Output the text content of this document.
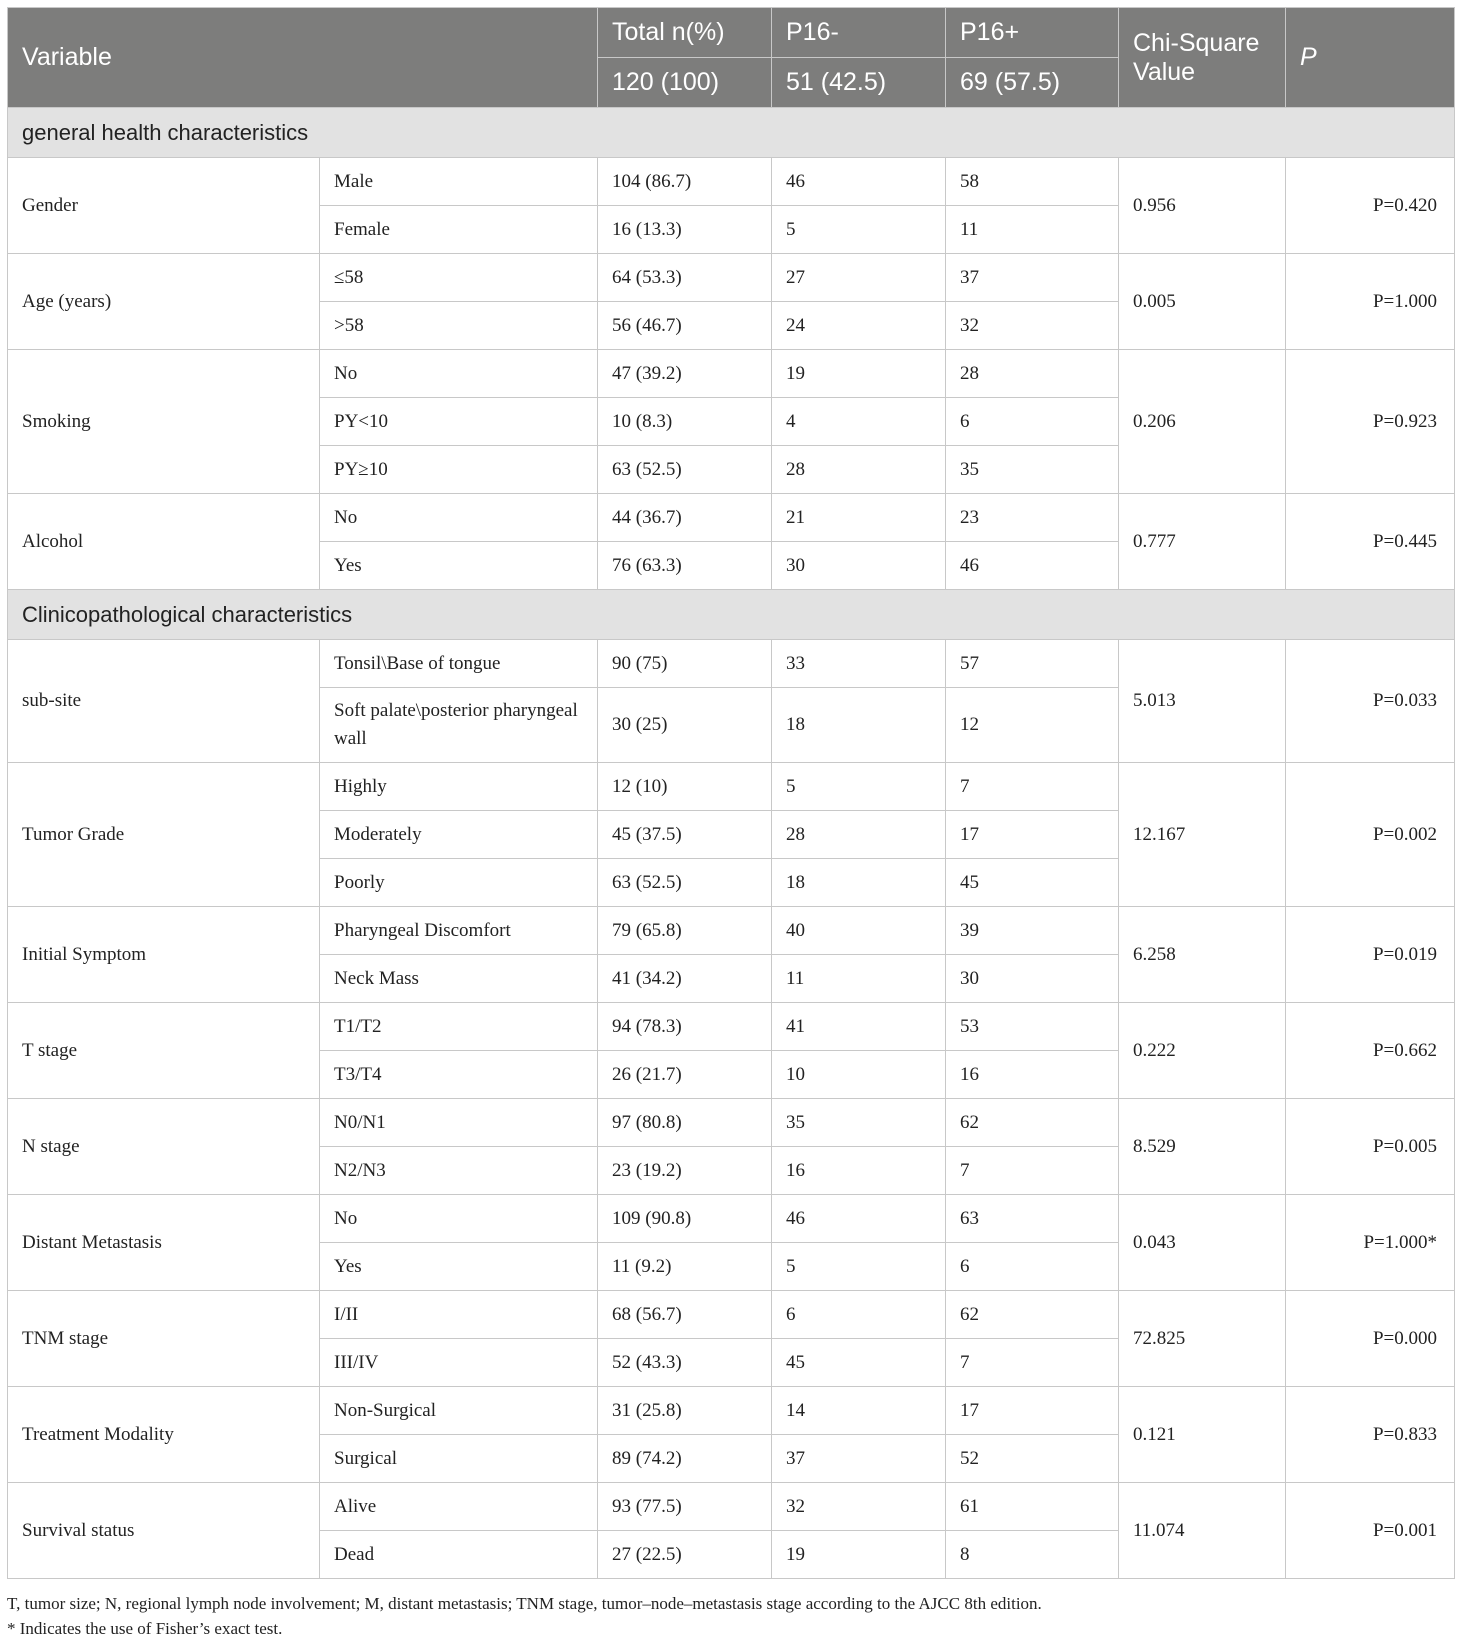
Variable		Total n(%)	P16-	P16+	Chi-Square Value	P
		120 (100)	51 (42.5)	69 (57.5)		
general health characteristics						
Gender	Male	104 (86.7)	46	58	0.956	P=0.420
	Female	16 (13.3)	5	11		
Age (years)	≤58	64 (53.3)	27	37	0.005	P=1.000
	>58	56 (46.7)	24	32		
Smoking	No	47 (39.2)	19	28	0.206	P=0.923
	PY<10	10 (8.3)	4	6		
	PY≥10	63 (52.5)	28	35		
Alcohol	No	44 (36.7)	21	23	0.777	P=0.445
	Yes	76 (63.3)	30	46		
Clinicopathological characteristics						
sub-site	Tonsil\Base of tongue	90 (75)	33	57	5.013	P=0.033
	Soft palate\posterior pharyngeal wall	30 (25)	18	12		
Tumor Grade	Highly	12 (10)	5	7	12.167	P=0.002
	Moderately	45 (37.5)	28	17		
	Poorly	63 (52.5)	18	45		
Initial Symptom	Pharyngeal Discomfort	79 (65.8)	40	39	6.258	P=0.019
	Neck Mass	41 (34.2)	11	30		
T stage	T1/T2	94 (78.3)	41	53	0.222	P=0.662
	T3/T4	26 (21.7)	10	16		
N stage	N0/N1	97 (80.8)	35	62	8.529	P=0.005
	N2/N3	23 (19.2)	16	7		
Distant Metastasis	No	109 (90.8)	46	63	0.043	P=1.000*
	Yes	11 (9.2)	5	6		
TNM stage	I/II	68 (56.7)	6	62	72.825	P=0.000
	III/IV	52 (43.3)	45	7		
Treatment Modality	Non-Surgical	31 (25.8)	14	17	0.121	P=0.833
	Surgical	89 (74.2)	37	52		
Survival status	Alive	93 (77.5)	32	61	11.074	P=0.001
	Dead	27 (22.5)	19	8		
T, tumor size; N, regional lymph node involvement; M, distant metastasis; TNM stage, tumor–node–metastasis stage according to the AJCC 8th edition.
* Indicates the use of Fisher’s exact test.
